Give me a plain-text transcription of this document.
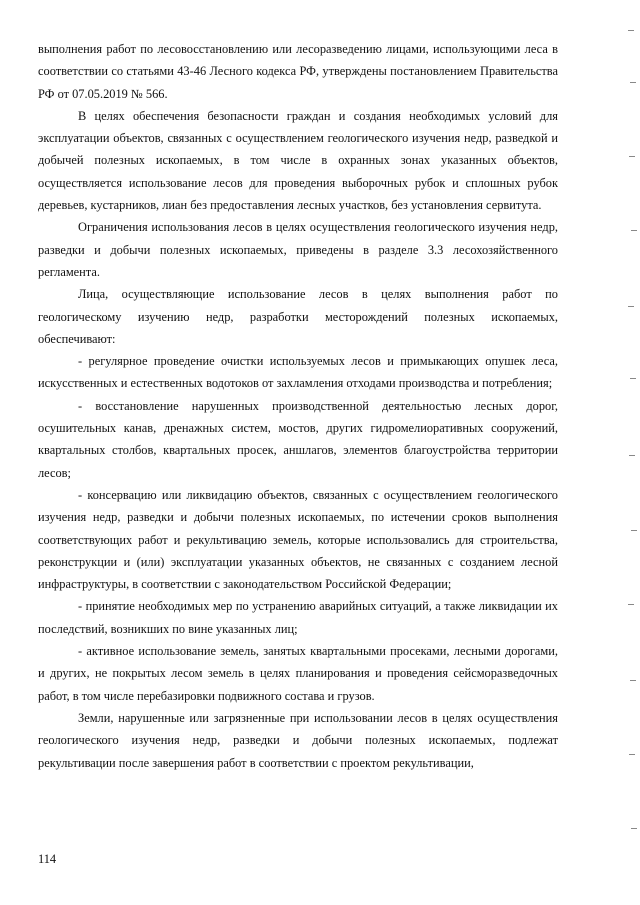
выполнения работ по лесовосстановлению или лесоразведению лицами, использующими леса в соответствии со статьями 43-46 Лесного кодекса РФ, утверждены постановлением Правительства РФ от 07.05.2019 № 566.

В целях обеспечения безопасности граждан и создания необходимых условий для эксплуатации объектов, связанных с осуществлением геологического изучения недр, разведкой и добычей полезных ископаемых, в том числе в охранных зонах указанных объектов, осуществляется использование лесов для проведения выборочных рубок и сплошных рубок деревьев, кустарников, лиан без предоставления лесных участков, без установления сервитута.

Ограничения использования лесов в целях осуществления геологического изучения недр, разведки и добычи полезных ископаемых, приведены в разделе 3.3 лесохозяйственного регламента.

Лица, осуществляющие использование лесов в целях выполнения работ по геологическому изучению недр, разработки месторождений полезных ископаемых, обеспечивают:

- регулярное проведение очистки используемых лесов и примыкающих опушек леса, искусственных и естественных водотоков от захламления отходами производства и потребления;

- восстановление нарушенных производственной деятельностью лесных дорог, осушительных канав, дренажных систем, мостов, других гидромелиоративных сооружений, квартальных столбов, квартальных просек, аншлагов, элементов благоустройства территории лесов;

- консервацию или ликвидацию объектов, связанных с осуществлением геологического изучения недр, разведки и добычи полезных ископаемых, по истечении сроков выполнения соответствующих работ и рекультивацию земель, которые использовались для строительства, реконструкции и (или) эксплуатации указанных объектов, не связанных с созданием лесной инфраструктуры, в соответствии с законодательством Российской Федерации;

- принятие необходимых мер по устранению аварийных ситуаций, а также ликвидации их последствий, возникших по вине указанных лиц;

- активное использование земель, занятых квартальными просеками, лесными дорогами, и других, не покрытых лесом земель в целях планирования и проведения сейсморазведочных работ, в том числе перебазировки подвижного состава и грузов.

Земли, нарушенные или загрязненные при использовании лесов в целях осуществления геологического изучения недр, разведки и добычи полезных ископаемых, подлежат рекультивации после завершения работ в соответствии с проектом рекультивации,

114
